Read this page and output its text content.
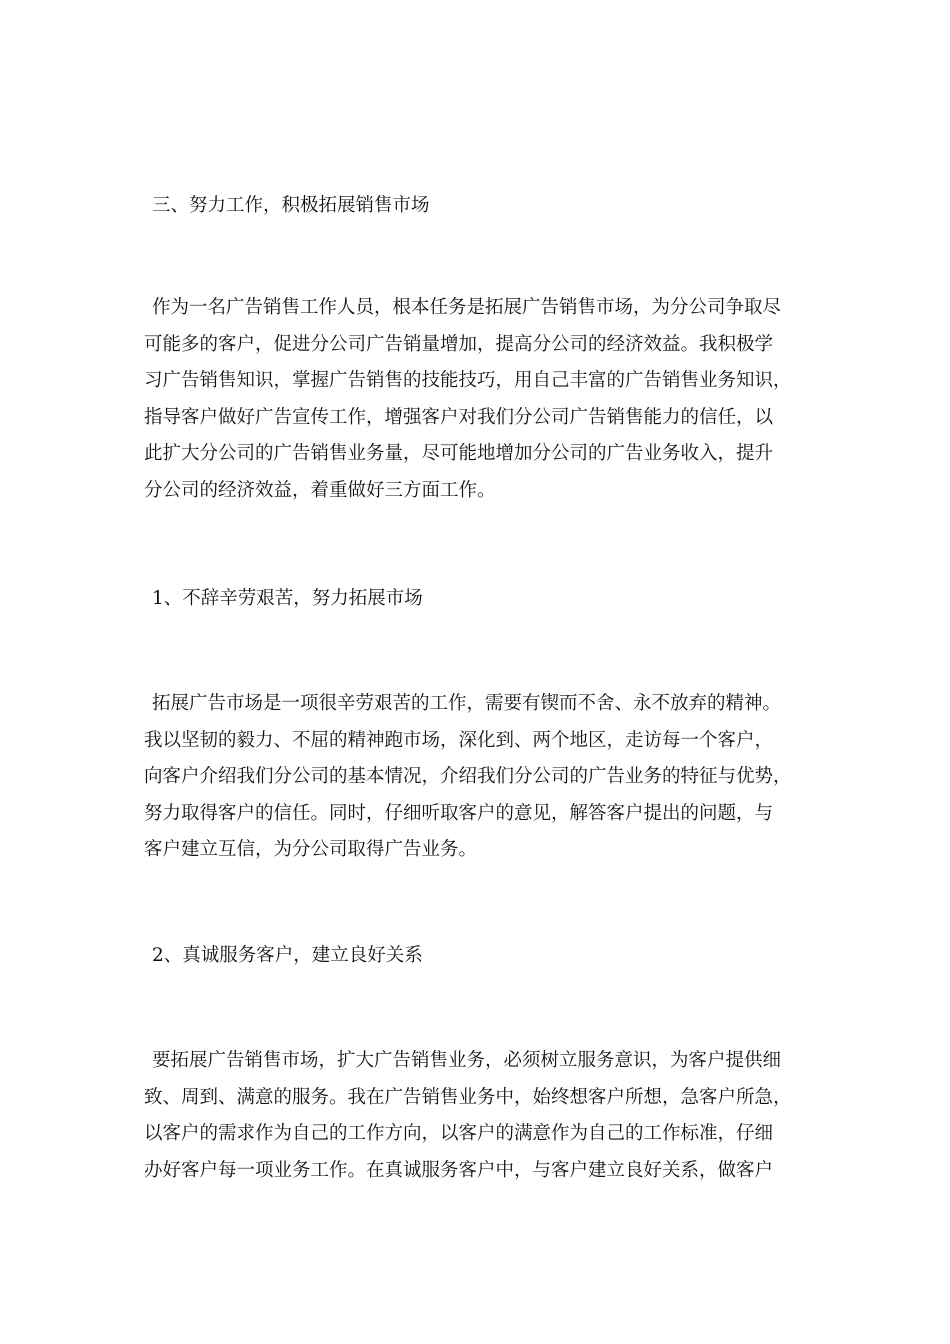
三、努力工作，积极拓展销售市场
作为一名广告销售工作人员，根本任务是拓展广告销售市场，为分公司争取尽
可能多的客户，促进分公司广告销量增加，提高分公司的经济效益。我积极学
习广告销售知识，掌握广告销售的技能技巧，用自己丰富的广告销售业务知识，
指导客户做好广告宣传工作，增强客户对我们分公司广告销售能力的信任，以
此扩大分公司的广告销售业务量，尽可能地增加分公司的广告业务收入，提升
分公司的经济效益，着重做好三方面工作。
1、不辞辛劳艰苦，努力拓展市场
拓展广告市场是一项很辛劳艰苦的工作，需要有锲而不舍、永不放弃的精神。
我以坚韧的毅力、不屈的精神跑市场，深化到、两个地区，走访每一个客户，
向客户介绍我们分公司的基本情况，介绍我们分公司的广告业务的特征与优势，
努力取得客户的信任。同时，仔细听取客户的意见，解答客户提出的问题，与
客户建立互信，为分公司取得广告业务。
2、真诚服务客户，建立良好关系
要拓展广告销售市场，扩大广告销售业务，必须树立服务意识，为客户提供细
致、周到、满意的服务。我在广告销售业务中，始终想客户所想，急客户所急，
以客户的需求作为自己的工作方向，以客户的满意作为自己的工作标准，仔细
办好客户每一项业务工作。在真诚服务客户中，与客户建立良好关系，做客户
